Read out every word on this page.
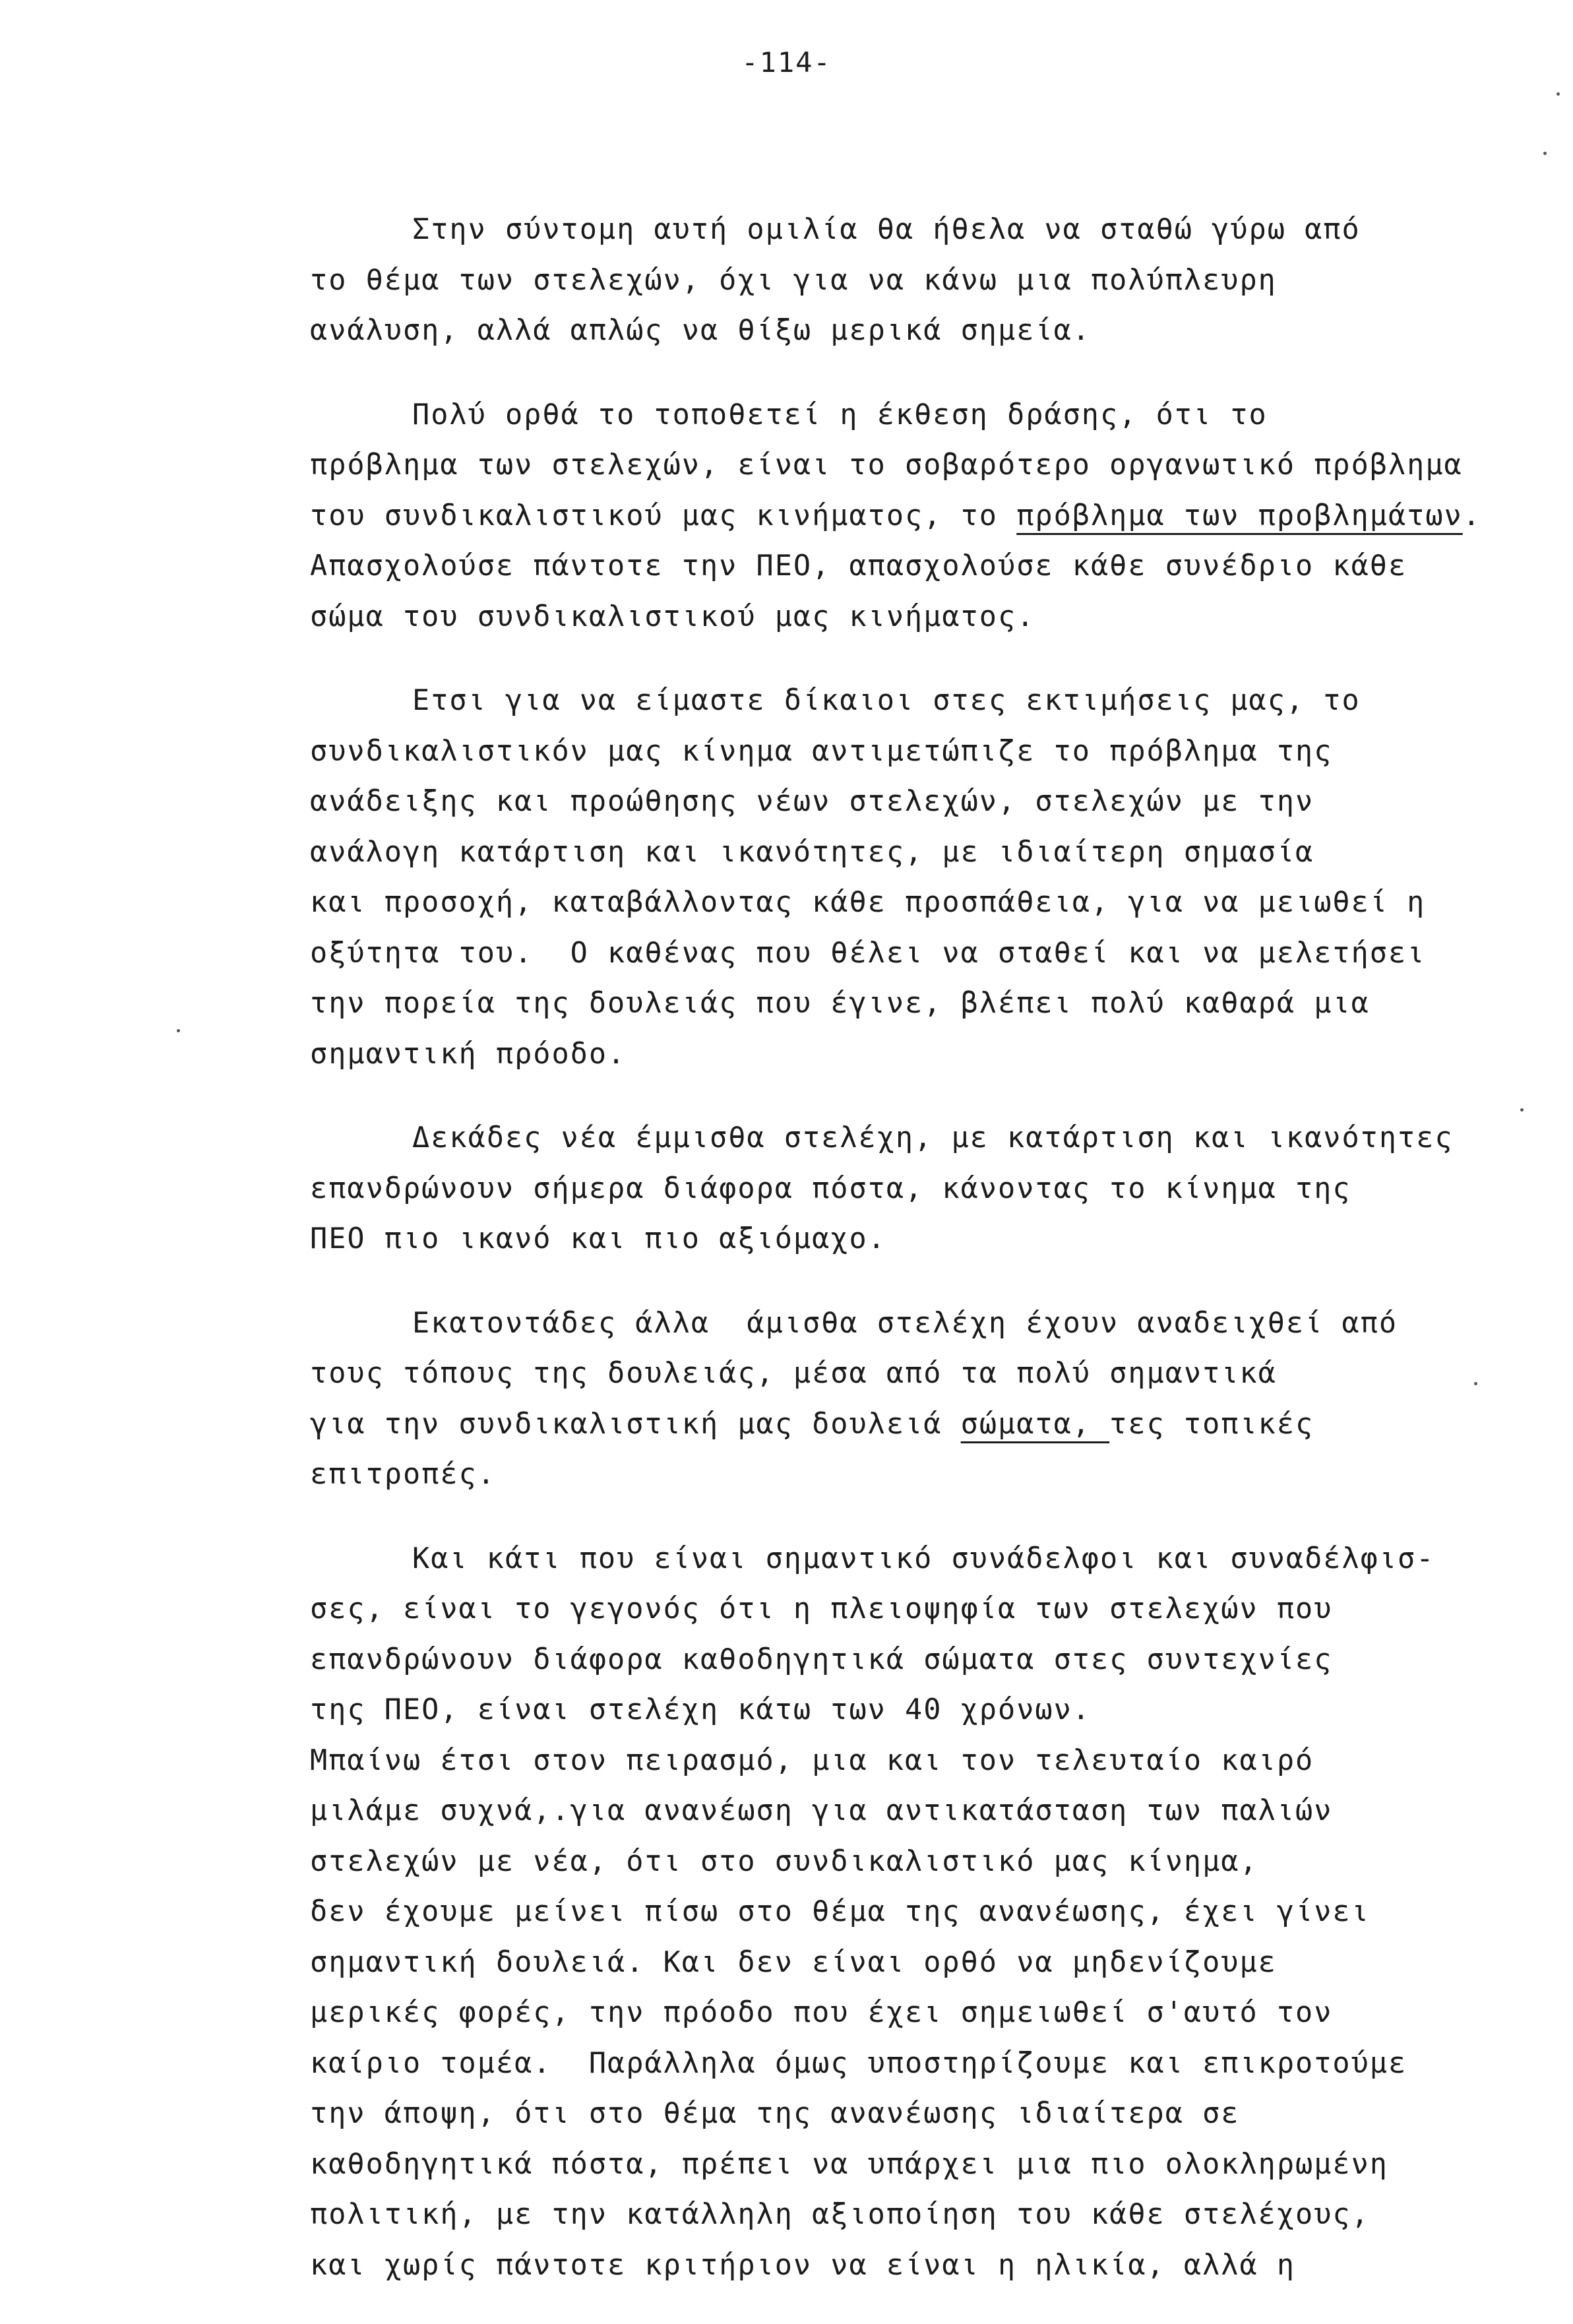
-114-
Στην σύντομη αυτή ομιλία θα ήθελα να σταθώ γύρω από
το θέμα των στελεχών, όχι για να κάνω μια πολύπλευρη
ανάλυση, αλλά απλώς να θίξω μερικά σημεία.
Πολύ ορθά το τοποθετεί η έκθεση δράσης, ότι το
πρόβλημα των στελεχών, είναι το σοβαρότερο οργανωτικό πρόβλημα
του συνδικαλιστικού μας κινήματος, το πρόβλημα των προβλημάτων.
Απασχολούσε πάντοτε την ΠΕΟ, απασχολούσε κάθε συνέδριο κάθε
σώμα του συνδικαλιστικού μας κινήματος.
Ετσι για να είμαστε δίκαιοι στες εκτιμήσεις μας, το
συνδικαλιστικόν μας κίνημα αντιμετώπιζε το πρόβλημα της
ανάδειξης και προώθησης νέων στελεχών, στελεχών με την
ανάλογη κατάρτιση και ικανότητες, με ιδιαίτερη σημασία
και προσοχή, καταβάλλοντας κάθε προσπάθεια, για να μειωθεί η
οξύτητα του.  Ο καθένας που θέλει να σταθεί και να μελετήσει
την πορεία της δουλειάς που έγινε, βλέπει πολύ καθαρά μια
σημαντική πρόοδο.
Δεκάδες νέα έμμισθα στελέχη, με κατάρτιση και ικανότητες
επανδρώνουν σήμερα διάφορα πόστα, κάνοντας το κίνημα της
ΠΕΟ πιο ικανό και πιο αξιόμαχο.
Εκατοντάδες άλλα  άμισθα στελέχη έχουν αναδειχθεί από
τους τόπους της δουλειάς, μέσα από τα πολύ σημαντικά
για την συνδικαλιστική μας δουλειά σώματα, τες τοπικές
επιτροπές.
Και κάτι που είναι σημαντικό συνάδελφοι και συναδέλφισ-
σες, είναι το γεγονός ότι η πλειοψηφία των στελεχών που
επανδρώνουν διάφορα καθοδηγητικά σώματα στες συντεχνίες
της ΠΕΟ, είναι στελέχη κάτω των 40 χρόνων.
Μπαίνω έτσι στον πειρασμό, μια και τον τελευταίο καιρό
μιλάμε συχνά,.για ανανέωση για αντικατάσταση των παλιών
στελεχών με νέα, ότι στο συνδικαλιστικό μας κίνημα,
δεν έχουμε μείνει πίσω στο θέμα της ανανέωσης, έχει γίνει
σημαντική δουλειά. Και δεν είναι ορθό να μηδενίζουμε
μερικές φορές, την πρόοδο που έχει σημειωθεί σ'αυτό τον
καίριο τομέα.  Παράλληλα όμως υποστηρίζουμε και επικροτούμε
την άποψη, ότι στο θέμα της ανανέωσης ιδιαίτερα σε
καθοδηγητικά πόστα, πρέπει να υπάρχει μια πιο ολοκληρωμένη
πολιτική, με την κατάλληλη αξιοποίηση του κάθε στελέχους,
και χωρίς πάντοτε κριτήριον να είναι η ηλικία, αλλά η
